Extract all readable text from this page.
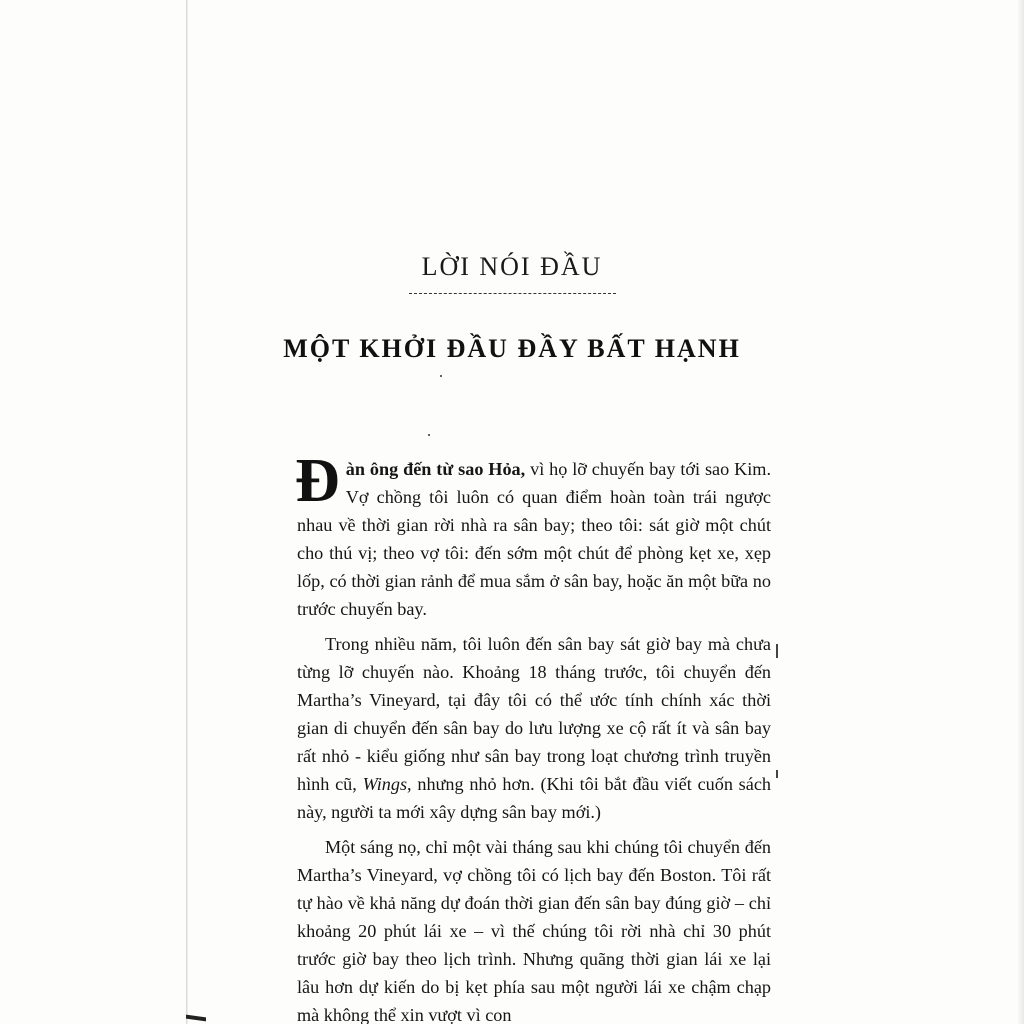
LỜI NÓI ĐẦU
MỘT KHỞI ĐẦU ĐẦY BẤT HẠNH

Đàn ông đến từ sao Hỏa, vì họ lỡ chuyến bay tới sao Kim. Vợ chồng tôi luôn có quan điểm hoàn toàn trái ngược nhau về thời gian rời nhà ra sân bay; theo tôi: sát giờ một chút cho thú vị; theo vợ tôi: đến sớm một chút để phòng kẹt xe, xẹp lốp, có thời gian rảnh để mua sắm ở sân bay, hoặc ăn một bữa no trước chuyến bay.

Trong nhiều năm, tôi luôn đến sân bay sát giờ bay mà chưa từng lỡ chuyến nào. Khoảng 18 tháng trước, tôi chuyển đến Martha’s Vineyard, tại đây tôi có thể ước tính chính xác thời gian di chuyển đến sân bay do lưu lượng xe cộ rất ít và sân bay rất nhỏ - kiểu giống như sân bay trong loạt chương trình truyền hình cũ, Wings, nhưng nhỏ hơn. (Khi tôi bắt đầu viết cuốn sách này, người ta mới xây dựng sân bay mới.)

Một sáng nọ, chỉ một vài tháng sau khi chúng tôi chuyển đến Martha’s Vineyard, vợ chồng tôi có lịch bay đến Boston. Tôi rất tự hào về khả năng dự đoán thời gian đến sân bay đúng giờ – chỉ khoảng 20 phút lái xe – vì thế chúng tôi rời nhà chỉ 30 phút trước giờ bay theo lịch trình. Nhưng quãng thời gian lái xe lại lâu hơn dự kiến do bị kẹt phía sau một người lái xe chậm chạp mà không thể xin vượt vì con
